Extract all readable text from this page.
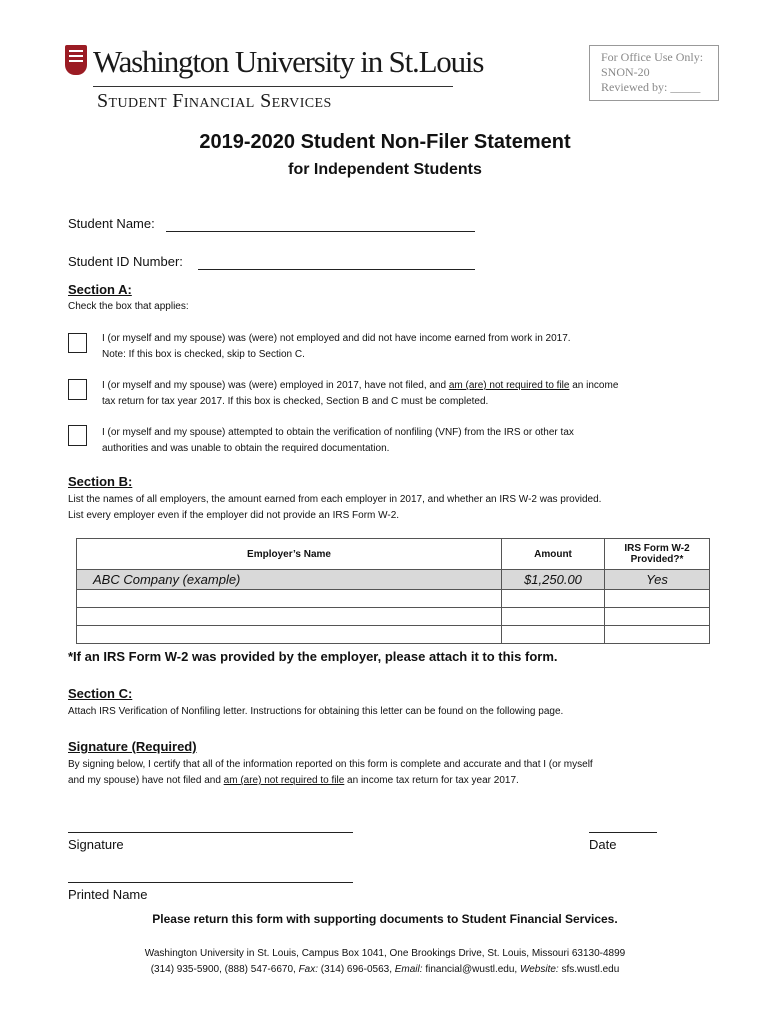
Washington University in St.Louis
Student Financial Services
For Office Use Only:
SNON-20
Reviewed by: _____
2019-2020 Student Non-Filer Statement
for Independent Students
Student Name:
Student ID Number:
Section A:
Check the box that applies:
I (or myself and my spouse) was (were) not employed and did not have income earned from work in 2017.
Note: If this box is checked, skip to Section C.
I (or myself and my spouse) was (were) employed in 2017, have not filed, and am (are) not required to file an income
tax return for tax year 2017. If this box is checked, Section B and C must be completed.
I (or myself and my spouse) attempted to obtain the verification of nonfiling (VNF) from the IRS or other tax
authorities and was unable to obtain the required documentation.
Section B:
List the names of all employers, the amount earned from each employer in 2017, and whether an IRS W-2 was provided.
List every employer even if the employer did not provide an IRS Form W-2.
Employer’s Name	Amount	IRS Form W-2 Provided?*
ABC Company (example)	$1,250.00	Yes

*If an IRS Form W-2 was provided by the employer, please attach it to this form.
Section C:
Attach IRS Verification of Nonfiling letter. Instructions for obtaining this letter can be found on the following page.
Signature (Required)
By signing below, I certify that all of the information reported on this form is complete and accurate and that I (or myself
and my spouse) have not filed and am (are) not required to file an income tax return for tax year 2017.
Signature	Date
Printed Name
Please return this form with supporting documents to Student Financial Services.
Washington University in St. Louis, Campus Box 1041, One Brookings Drive, St. Louis, Missouri 63130-4899
(314) 935-5900, (888) 547-6670, Fax: (314) 696-0563, Email: financial@wustl.edu, Website: sfs.wustl.edu
